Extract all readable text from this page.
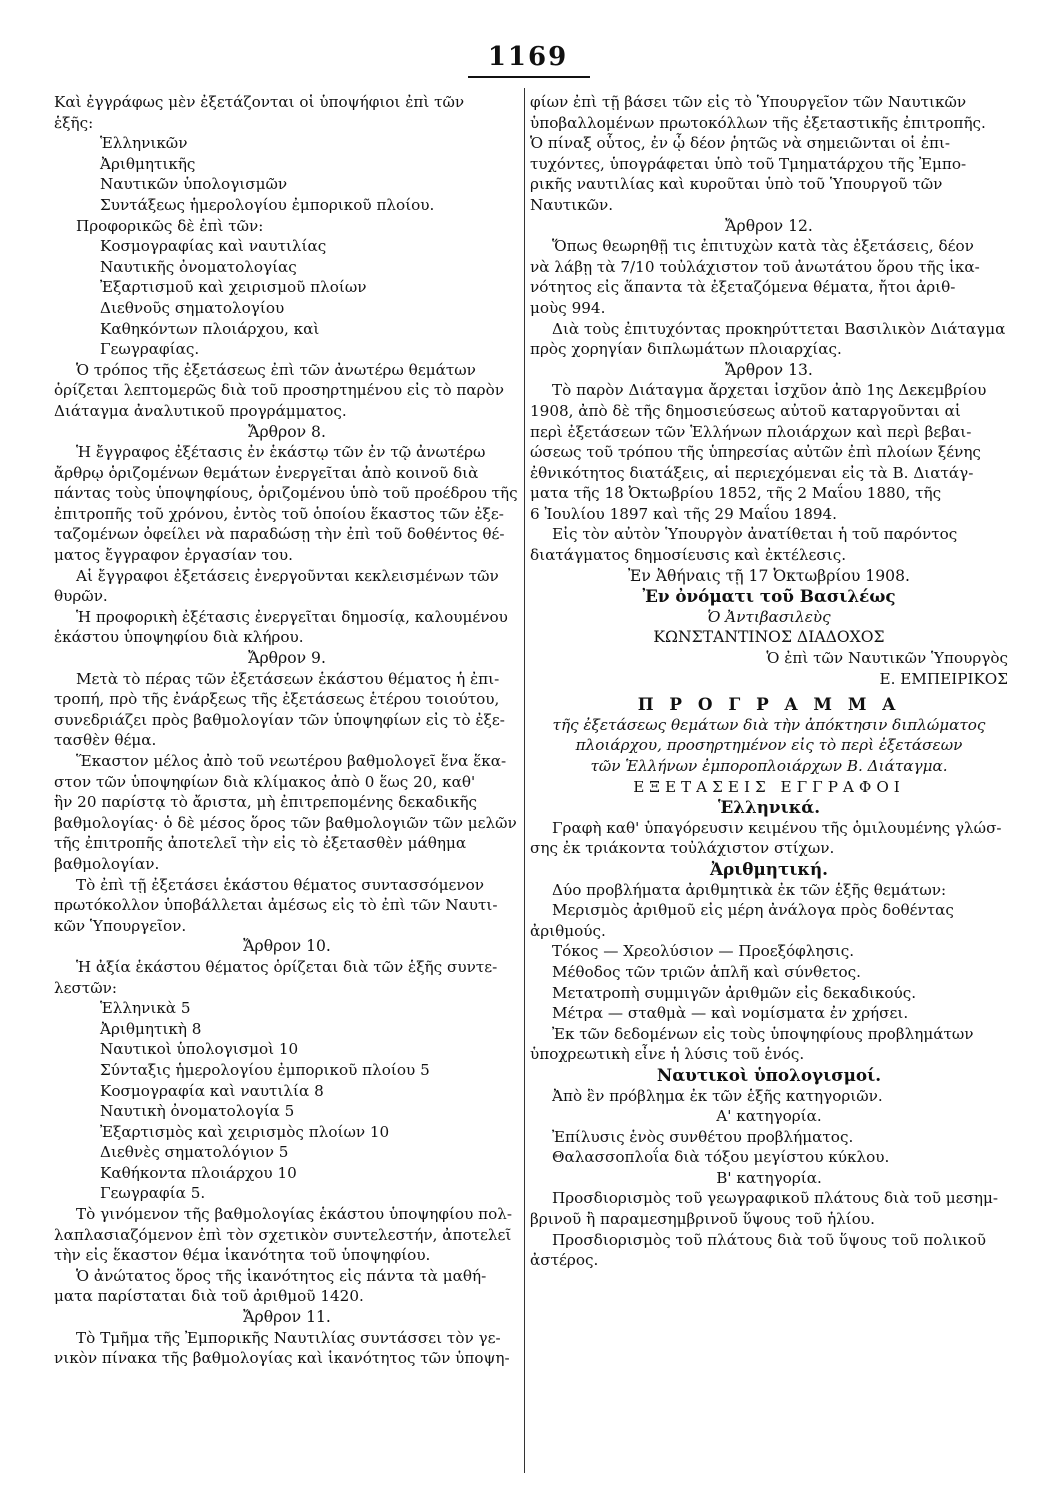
1169
Καὶ ἐγγράφως μὲν ἐξετάζονται οἱ ὑποψήφιοι ἐπὶ τῶν
ἑξῆς:
Ἑλληνικῶν
Ἀριθμητικῆς
Ναυτικῶν ὑπολογισμῶν
Συντάξεως ἡμερολογίου ἐμπορικοῦ πλοίου.
Προφορικῶς δὲ ἐπὶ τῶν:
Κοσμογραφίας καὶ ναυτιλίας
Ναυτικῆς ὀνοματολογίας
Ἐξαρτισμοῦ καὶ χειρισμοῦ πλοίων
Διεθνοῦς σηματολογίου
Καθηκόντων πλοιάρχου, καὶ
Γεωγραφίας.
Ὁ τρόπος τῆς ἐξετάσεως ἐπὶ τῶν ἀνωτέρω θεμάτων
ὁρίζεται λεπτομερῶς διὰ τοῦ προσηρτημένου εἰς τὸ παρὸν
Διάταγμα ἀναλυτικοῦ προγράμματος.
Ἄρθρον 8.
Ἡ ἔγγραφος ἐξέτασις ἐν ἑκάστῳ τῶν ἐν τῷ ἀνωτέρω
ἄρθρῳ ὁριζομένων θεμάτων ἐνεργεῖται ἀπὸ κοινοῦ διὰ
πάντας τοὺς ὑποψηφίους, ὁριζομένου ὑπὸ τοῦ προέδρου τῆς
ἐπιτροπῆς τοῦ χρόνου, ἐντὸς τοῦ ὁποίου ἕκαστος τῶν ἐξε-
ταζομένων ὀφείλει νὰ παραδώσῃ τὴν ἐπὶ τοῦ δοθέντος θέ-
ματος ἔγγραφον ἐργασίαν του.
Αἱ ἔγγραφοι ἐξετάσεις ἐνεργοῦνται κεκλεισμένων τῶν
θυρῶν.
Ἡ προφορικὴ ἐξέτασις ἐνεργεῖται δημοσίᾳ, καλουμένου
ἑκάστου ὑποψηφίου διὰ κλήρου.
Ἄρθρον 9.
Μετὰ τὸ πέρας τῶν ἐξετάσεων ἑκάστου θέματος ἡ ἐπι-
τροπή, πρὸ τῆς ἐνάρξεως τῆς ἐξετάσεως ἑτέρου τοιούτου,
συνεδριάζει πρὸς βαθμολογίαν τῶν ὑποψηφίων εἰς τὸ ἐξε-
τασθὲν θέμα.
Ἕκαστον μέλος ἀπὸ τοῦ νεωτέρου βαθμολογεῖ ἕνα ἕκα-
στον τῶν ὑποψηφίων διὰ κλίμακος ἀπὸ 0 ἕως 20, καθ'
ἣν 20 παρίστᾳ τὸ ἄριστα, μὴ ἐπιτρεπομένης δεκαδικῆς
βαθμολογίας· ὁ δὲ μέσος ὅρος τῶν βαθμολογιῶν τῶν μελῶν
τῆς ἐπιτροπῆς ἀποτελεῖ τὴν εἰς τὸ ἐξετασθὲν μάθημα
βαθμολογίαν.
Τὸ ἐπὶ τῇ ἐξετάσει ἑκάστου θέματος συντασσόμενον
πρωτόκολλον ὑποβάλλεται ἀμέσως εἰς τὸ ἐπὶ τῶν Ναυτι-
κῶν Ὑπουργεῖον.
Ἄρθρον 10.
Ἡ ἀξία ἑκάστου θέματος ὁρίζεται διὰ τῶν ἑξῆς συντε-
λεστῶν:
Ἑλληνικὰ 5
Ἀριθμητικὴ 8
Ναυτικοὶ ὑπολογισμοὶ 10
Σύνταξις ἡμερολογίου ἐμπορικοῦ πλοίου 5
Κοσμογραφία καὶ ναυτιλία 8
Ναυτικὴ ὀνοματολογία 5
Ἐξαρτισμὸς καὶ χειρισμὸς πλοίων 10
Διεθνὲς σηματολόγιον 5
Καθήκοντα πλοιάρχου 10
Γεωγραφία 5.
Τὸ γινόμενον τῆς βαθμολογίας ἑκάστου ὑποψηφίου πολ-
λαπλασιαζόμενον ἐπὶ τὸν σχετικὸν συντελεστήν, ἀποτελεῖ
τὴν εἰς ἕκαστον θέμα ἱκανότητα τοῦ ὑποψηφίου.
Ὁ ἀνώτατος ὅρος τῆς ἱκανότητος εἰς πάντα τὰ μαθή-
ματα παρίσταται διὰ τοῦ ἀριθμοῦ 1420.
Ἄρθρον 11.
Τὸ Τμῆμα τῆς Ἐμπορικῆς Ναυτιλίας συντάσσει τὸν γε-
νικὸν πίνακα τῆς βαθμολογίας καὶ ἱκανότητος τῶν ὑποψη-
φίων ἐπὶ τῇ βάσει τῶν εἰς τὸ Ὑπουργεῖον τῶν Ναυτικῶν
ὑποβαλλομένων πρωτοκόλλων τῆς ἐξεταστικῆς ἐπιτροπῆς.
Ὁ πίναξ οὗτος, ἐν ᾧ δέον ῥητῶς νὰ σημειῶνται οἱ ἐπι-
τυχόντες, ὑπογράφεται ὑπὸ τοῦ Τμηματάρχου τῆς Ἐμπο-
ρικῆς ναυτιλίας καὶ κυροῦται ὑπὸ τοῦ Ὑπουργοῦ τῶν
Ναυτικῶν.
Ἄρθρον 12.
Ὅπως θεωρηθῇ τις ἐπιτυχὼν κατὰ τὰς ἐξετάσεις, δέον
νὰ λάβῃ τὰ 7/10 τοὐλάχιστον τοῦ ἀνωτάτου ὅρου τῆς ἱκα-
νότητος εἰς ἅπαντα τὰ ἐξεταζόμενα θέματα, ἤτοι ἀριθ-
μοὺς 994.
Διὰ τοὺς ἐπιτυχόντας προκηρύττεται Βασιλικὸν Διάταγμα
πρὸς χορηγίαν διπλωμάτων πλοιαρχίας.
Ἄρθρον 13.
Τὸ παρὸν Διάταγμα ἄρχεται ἰσχῦον ἀπὸ 1ης Δεκεμβρίου
1908, ἀπὸ δὲ τῆς δημοσιεύσεως αὐτοῦ καταργοῦνται αἱ
περὶ ἐξετάσεων τῶν Ἑλλήνων πλοιάρχων καὶ περὶ βεβαι-
ώσεως τοῦ τρόπου τῆς ὑπηρεσίας αὐτῶν ἐπὶ πλοίων ξένης
ἐθνικότητος διατάξεις, αἱ περιεχόμεναι εἰς τὰ Β. Διατάγ-
ματα τῆς 18 Ὀκτωβρίου 1852, τῆς 2 Μαΐου 1880, τῆς
6 Ἰουλίου 1897 καὶ τῆς 29 Μαΐου 1894.
Εἰς τὸν αὐτὸν Ὑπουργὸν ἀνατίθεται ἡ τοῦ παρόντος
διατάγματος δημοσίευσις καὶ ἐκτέλεσις.
Ἐν Ἀθήναις τῇ 17 Ὀκτωβρίου 1908.
Ἐν ὀνόματι τοῦ Βασιλέως
Ὁ Ἀντιβασιλεὺς
ΚΩΝΣΤΑΝΤΙΝΟΣ ΔΙΑΔΟΧΟΣ
Ὁ ἐπὶ τῶν Ναυτικῶν Ὑπουργὸς
Ε. ΕΜΠΕΙΡΙΚΟΣ
Π Ρ Ο Γ Ρ Α Μ Μ Α
τῆς ἐξετάσεως θεμάτων διὰ τὴν ἀπόκτησιν διπλώματος
πλοιάρχου, προσηρτημένον εἰς τὸ περὶ ἐξετάσεων
τῶν Ἑλλήνων ἐμποροπλοιάρχων Β. Διάταγμα.
ΕΞΕΤΑΣΕΙΣ ΕΓΓΡΑΦΟΙ
Ἑλληνικά.
Γραφὴ καθ' ὑπαγόρευσιν κειμένου τῆς ὁμιλουμένης γλώσ-
σης ἐκ τριάκοντα τοὐλάχιστον στίχων.
Ἀριθμητική.
Δύο προβλήματα ἀριθμητικὰ ἐκ τῶν ἑξῆς θεμάτων:
Μερισμὸς ἀριθμοῦ εἰς μέρη ἀνάλογα πρὸς δοθέντας
ἀριθμούς.
Τόκος — Χρεολύσιον — Προεξόφλησις.
Μέθοδος τῶν τριῶν ἁπλῆ καὶ σύνθετος.
Μετατροπὴ συμμιγῶν ἀριθμῶν εἰς δεκαδικούς.
Μέτρα — σταθμὰ — καὶ νομίσματα ἐν χρήσει.
Ἐκ τῶν δεδομένων εἰς τοὺς ὑποψηφίους προβλημάτων
ὑποχρεωτικὴ εἶνε ἡ λύσις τοῦ ἑνός.
Ναυτικοὶ ὑπολογισμοί.
Ἀπὸ ἓν πρόβλημα ἐκ τῶν ἑξῆς κατηγοριῶν.
Α' κατηγορία.
Ἐπίλυσις ἑνὸς συνθέτου προβλήματος.
Θαλασσοπλοΐα διὰ τόξου μεγίστου κύκλου.
Β' κατηγορία.
Προσδιορισμὸς τοῦ γεωγραφικοῦ πλάτους διὰ τοῦ μεσημ-
βρινοῦ ἢ παραμεσημβρινοῦ ὕψους τοῦ ἡλίου.
Προσδιορισμὸς τοῦ πλάτους διὰ τοῦ ὕψους τοῦ πολικοῦ
ἀστέρος.
